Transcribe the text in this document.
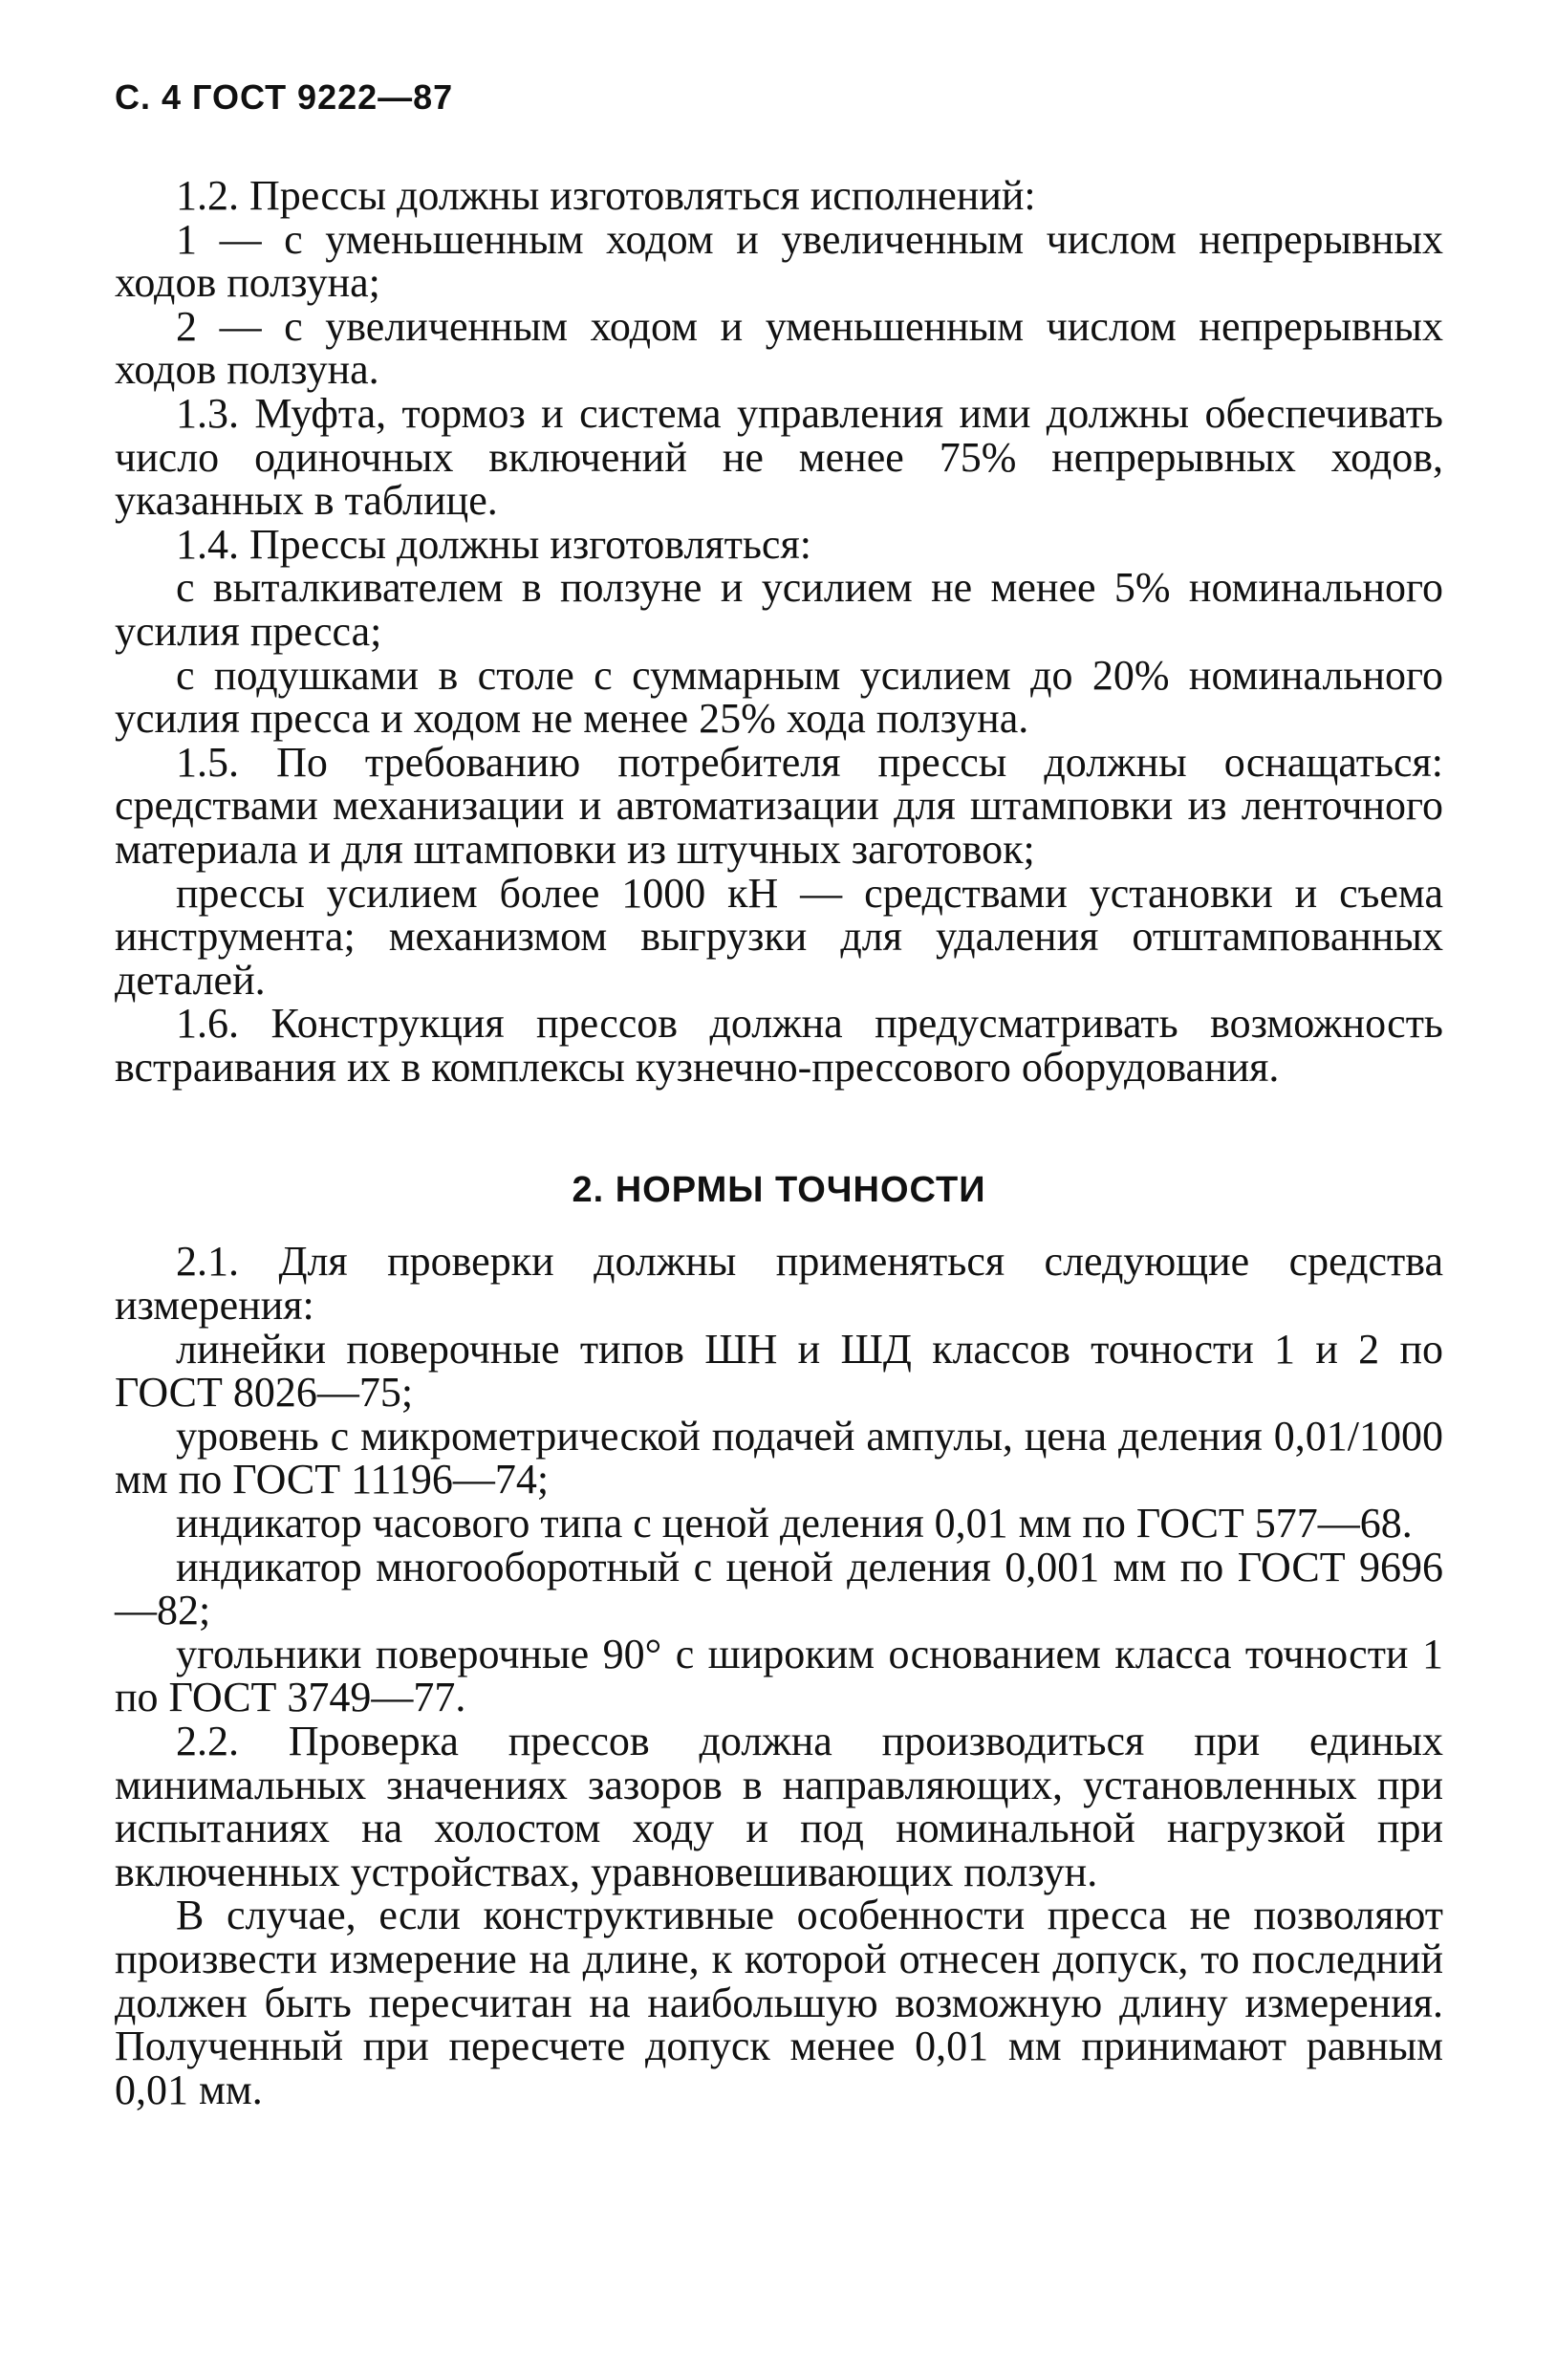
С. 4 ГОСТ 9222—87

1.2. Прессы должны изготовляться исполнений:

1 — с уменьшенным ходом и увеличенным числом непрерывных ходов ползуна;

2 — с увеличенным ходом и уменьшенным числом непрерывных ходов ползуна.

1.3. Муфта, тормоз и система управления ими должны обеспечивать число одиночных включений не менее 75% непрерывных ходов, указанных в таблице.

1.4. Прессы должны изготовляться:

с выталкивателем в ползуне и усилием не менее 5% номинального усилия пресса;

с подушками в столе с суммарным усилием до 20% номинального усилия пресса и ходом не менее 25% хода ползуна.

1.5. По требованию потребителя прессы должны оснащаться: средствами механизации и автоматизации для штамповки из ленточного материала и для штамповки из штучных заготовок;

прессы усилием более 1000 кН — средствами установки и съема инструмента; механизмом выгрузки для удаления отштампованных деталей.

1.6. Конструкция прессов должна предусматривать возможность встраивания их в комплексы кузнечно-прессового оборудования.

2. НОРМЫ ТОЧНОСТИ

2.1. Для проверки должны применяться следующие средства измерения:

линейки поверочные типов ШН и ШД классов точности 1 и 2 по ГОСТ 8026—75;

уровень с микрометрической подачей ампулы, цена деления 0,01/1000 мм по ГОСТ 11196—74;

индикатор часового типа с ценой деления 0,01 мм по ГОСТ 577—68.

индикатор многооборотный с ценой деления 0,001 мм по ГОСТ 9696—82;

угольники поверочные 90° с широким основанием класса точности 1 по ГОСТ 3749—77.

2.2. Проверка прессов должна производиться при единых минимальных значениях зазоров в направляющих, установленных при испытаниях на холостом ходу и под номинальной нагрузкой при включенных устройствах, уравновешивающих ползун.

В случае, если конструктивные особенности пресса не позволяют произвести измерение на длине, к которой отнесен допуск, то последний должен быть пересчитан на наибольшую возможную длину измерения. Полученный при пересчете допуск менее 0,01 мм принимают равным 0,01 мм.
